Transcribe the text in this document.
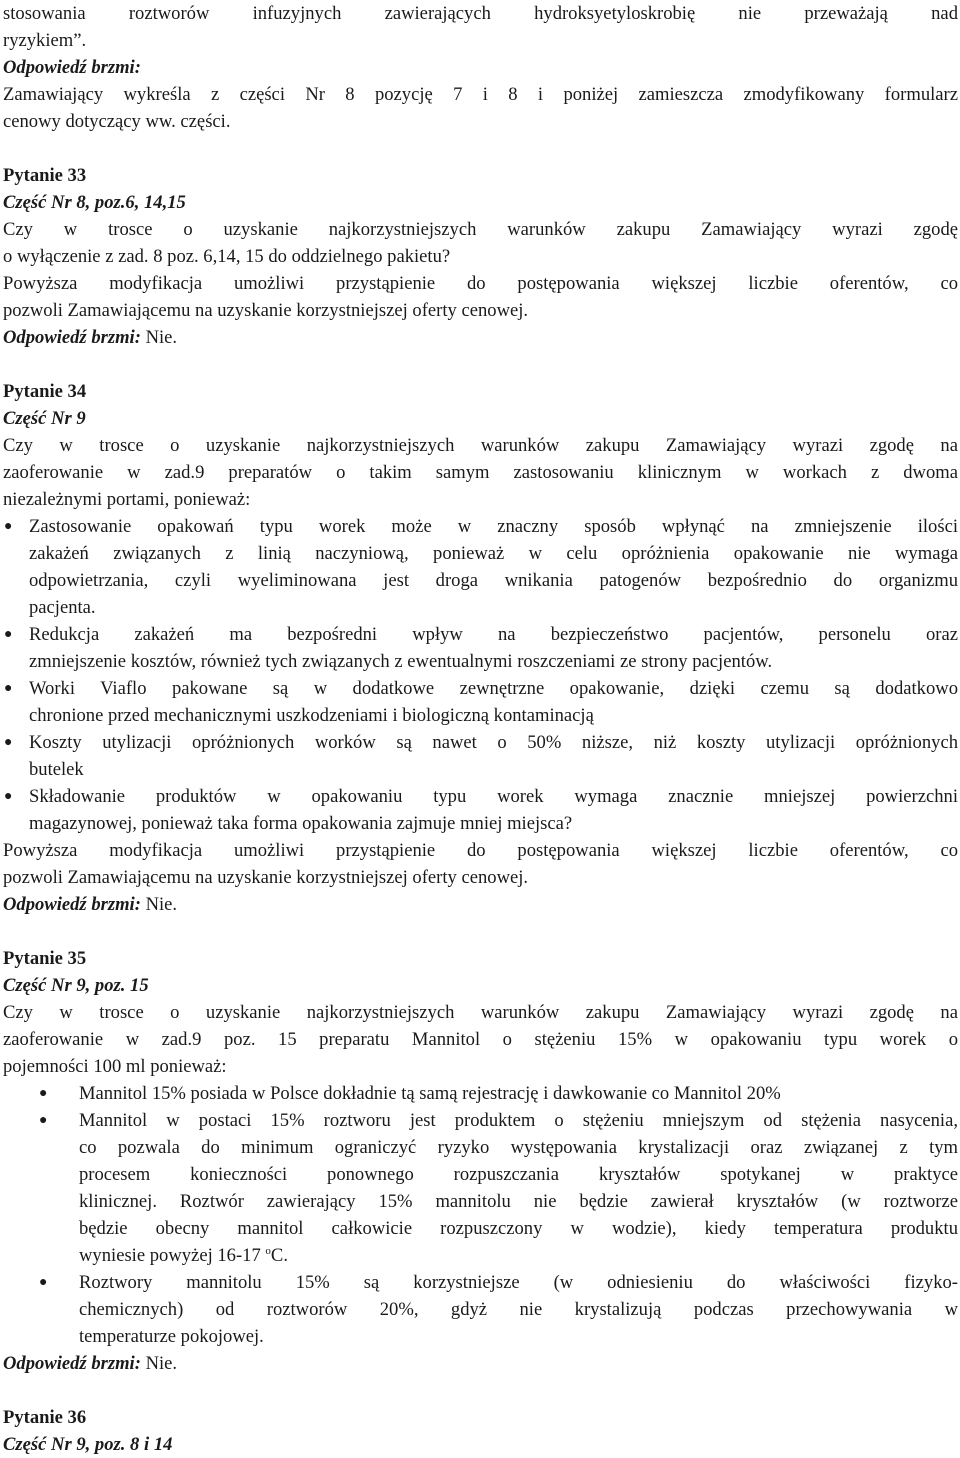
stosowania roztworów infuzyjnych zawierających hydroksyetyloskrobię nie przeważają nad
ryzykiem”.

Odpowiedź brzmi:

Zamawiający wykreśla z części Nr 8 pozycję 7 i 8 i poniżej zamieszcza zmodyfikowany formularz
cenowy dotyczący ww. części.

Pytanie 33

Część Nr 8, poz.6, 14,15

Czy w trosce o uzyskanie najkorzystniejszych warunków zakupu Zamawiający wyrazi zgodę
o wyłączenie z zad. 8 poz. 6,14, 15 do oddzielnego pakietu?
Powyższa modyfikacja umożliwi przystąpienie do postępowania większej liczbie oferentów, co
pozwoli Zamawiającemu na uzyskanie korzystniejszej oferty cenowej.

Odpowiedź brzmi: Nie.

Pytanie 34

Część Nr 9

Czy w trosce o uzyskanie najkorzystniejszych warunków zakupu Zamawiający wyrazi zgodę na
zaoferowanie w zad.9 preparatów o takim samym zastosowaniu klinicznym w workach z dwoma
niezależnymi portami, ponieważ:

● Zastosowanie opakowań typu worek może w znaczny sposób wpłynąć na zmniejszenie ilości
zakażeń związanych z linią naczyniową, ponieważ w celu opróżnienia opakowanie nie wymaga
odpowietrzania, czyli wyeliminowana jest droga wnikania patogenów bezpośrednio do organizmu
pacjenta.
● Redukcja zakażeń ma bezpośredni wpływ na bezpieczeństwo pacjentów, personelu oraz
zmniejszenie kosztów, również tych związanych z ewentualnymi roszczeniami ze strony pacjentów.
● Worki Viaflo pakowane są w dodatkowe zewnętrzne opakowanie, dzięki czemu są dodatkowo
chronione przed mechanicznymi uszkodzeniami i biologiczną kontaminacją
● Koszty utylizacji opróżnionych worków są nawet o 50% niższe, niż koszty utylizacji opróżnionych
butelek
● Składowanie produktów w opakowaniu typu worek wymaga znacznie mniejszej powierzchni
magazynowej, ponieważ taka forma opakowania zajmuje mniej miejsca?

Powyższa modyfikacja umożliwi przystąpienie do postępowania większej liczbie oferentów, co
pozwoli Zamawiającemu na uzyskanie korzystniejszej oferty cenowej.

Odpowiedź brzmi: Nie.

Pytanie 35

Część Nr 9, poz. 15

Czy w trosce o uzyskanie najkorzystniejszych warunków zakupu Zamawiający wyrazi zgodę na
zaoferowanie w zad.9 poz. 15 preparatu Mannitol o stężeniu 15% w opakowaniu typu worek o
pojemności 100 ml ponieważ:

● Mannitol 15% posiada w Polsce dokładnie tą samą rejestrację i dawkowanie co Mannitol 20%
● Mannitol w postaci 15% roztworu jest produktem o stężeniu mniejszym od stężenia nasycenia,
co pozwala do minimum ograniczyć ryzyko występowania krystalizacji oraz związanej z tym
procesem konieczności ponownego rozpuszczania kryształów spotykanej w praktyce
klinicznej. Roztwór zawierający 15% mannitolu nie będzie zawierał kryształów (w roztworze
będzie obecny mannitol całkowicie rozpuszczony w wodzie), kiedy temperatura produktu
wyniesie powyżej 16-17 $^o$C.
● Roztwory mannitolu 15% są korzystniejsze (w odniesieniu do właściwości fizyko-
chemicznych) od roztworów 20%, gdyż nie krystalizują podczas przechowywania w
temperaturze pokojowej.

Odpowiedź brzmi: Nie.

Pytanie 36

Część Nr 9, poz. 8 i 14
